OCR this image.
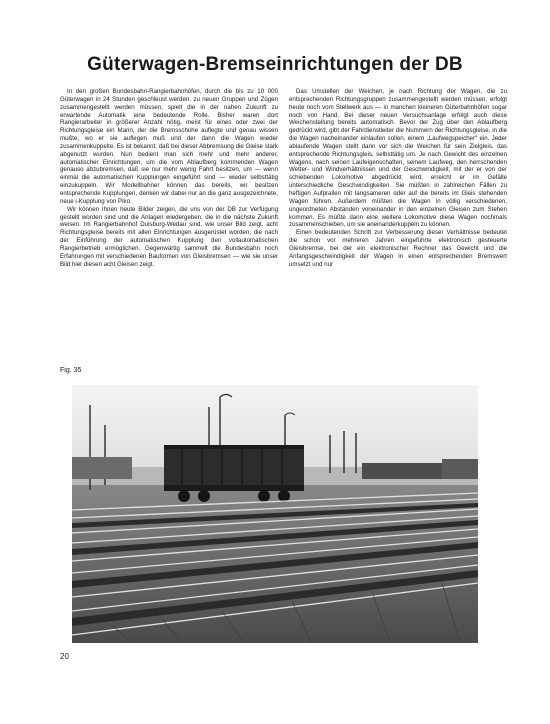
Güterwagen-Bremseinrichtungen der DB

In den großen Bundesbahn-Rangierbahnhöfen, durch die bis zu 10 000 Güterwagen in 24 Stunden geschleust werden, zu neuen Gruppen und Zügen zusammengestellt werden müssen, spielt die in der nahen Zukunft zu erwartende Automatik eine bedeutende Rolle. Bisher waren dort Rangierarbeiter in größerer Anzahl nötig, meist für eines oder zwei der Richtungsgleise ein Mann, der die Bremsschuhe auflegte und genau wissen mußte, wo er sie auflegen muß und der dann die Wagen wieder zusammenkuppelte. Es ist bekannt, daß bei dieser Abbremsung die Gleise stark abgenutzt wurden. Nun bedient man sich mehr und mehr anderer, automatischer Einrichtungen, um die vom Ablaufberg kommenden Wagen genauso abzubremsen, daß sie nur mehr wenig Fahrt besitzen, um — wenn einmal die automatischen Kupplungen eingeführt sind — wieder selbsttätig einzukuppeln. Wir Modellbahner können das bereits, wir besitzen entsprechende Kupplungen, denken wir dabei nur an die ganz ausgezeichnete, neue i-Kupplung von Piko.

Wir können Ihnen heute Bilder zeigen, die uns von der DB zur Verfügung gestellt worden sind und die Anlagen wiedergeben, die in die nächste Zukunft weisen. Im Rangierbahnhof Duisburg-Wedau sind, wie unser Bild zeigt, acht Richtungsgleise bereits mit allen Einrichtungen ausgerüstet worden, die nach der Einführung der automatischen Kupplung den vollautomatischen Rangierbetrieb ermöglichen. Gegenwärtig sammelt die Bundesbahn noch Erfahrungen mit verschiedenen Bauformen von Gleisbremsen — wie sie unser Bild hier diesen acht Gleisen zeigt.

Das Umstellen der Weichen, je nach Richtung der Wagen, die zu entsprechenden Richtungsgruppen zusammengestellt werden müssen, erfolgt heute noch vom Stellwerk aus — in manchen kleineren Güterbahnhöfen sogar noch von Hand. Bei dieser neuen Versuchsanlage erfolgt auch diese Weichenstellung bereits automatisch. Bevor der Zug über den Ablaufberg gedrückt wird, gibt der Fahrdienstleiter die Nummern der Richtungsgleise, in die die Wagen nacheinander einlaufen sollen, einem „Laufwegspeicher“ ein. Jeder ablaufende Wagen stellt dann vor sich die Weichen für sein Zielgleis, das entsprechende Richtungsgleis, selbsttätig um. Je nach Gewicht des einzelnen Wagens, nach seinen Laufeigenschaften, seinem Laufweg, den herrschenden Wetter- und Windverhältnissen und der Geschwindigkeit, mit der er von der schiebenden Lokomotive abgedrückt wird, erreicht er im Gefälle unterschiedliche Geschwindigkeiten. Sie müßten in zahlreichen Fällen zu heftigen Aufprallen mit langsameren oder auf die bereits im Gleis stehenden Wagen führen. Außerdem müßten die Wagen in völlig verschiedenen, ungeordneten Abständen voneinander in den einzelnen Gleisen zum Stehen kommen. Es müßte dann eine weitere Lokomotive diese Wagen nochmals zusammenschieben, um sie aneinanderkuppeln zu können.

Einen bedeutenden Schritt zur Verbesserung dieser Verhältnisse bedeutet die schon vor mehreren Jahren eingeführte elektronisch gesteuerte Gleisbremse, bei der ein elektronischer Rechner das Gewicht und die Anfangsgeschwindigkeit der Wagen in einen entsprechenden Bremswert umsetzt und nur

Fig. 35
20
